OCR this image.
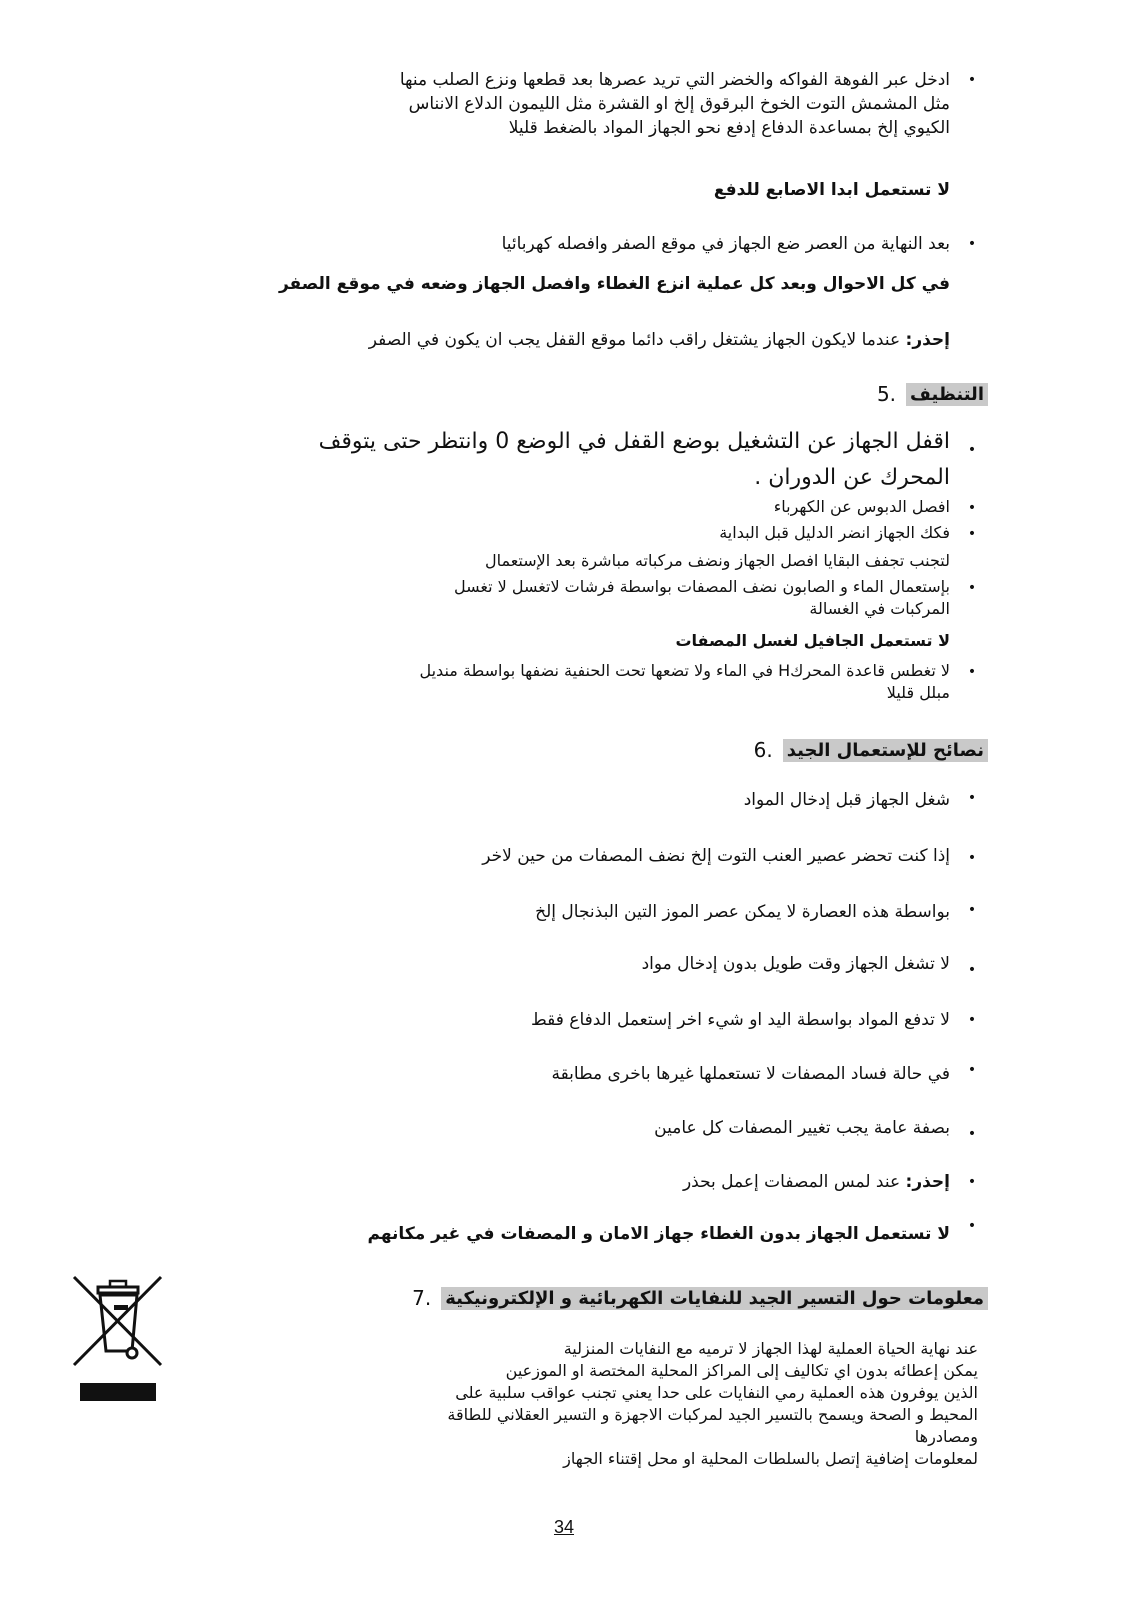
•
ادخل عبر الفوهة الفواكه والخضر التي تريد عصرها بعد قطعها ونزع الصلب منها
مثل المشمش التوت الخوخ البرقوق إلخ او القشرة مثل الليمون الدلاع الانناس
الكيوي إلخ بمساعدة الدفاع إدفع نحو الجهاز المواد بالضغط قليلا
لا تستعمل ابدا الاصابع للدفع
•
بعد النهاية من العصر ضع الجهاز في موقع الصفر وافصله كهربائيا
في كل الاحوال وبعد كل عملية انزع الغطاء وافصل الجهاز وضعه في موقع الصفر
إحذر: عندما لايكون الجهاز يشتغل راقب دائما موقع القفل يجب ان يكون في الصفر
التنظيف
5.
•
اقفل الجهاز عن التشغيل بوضع القفل في الوضع 0 وانتظر حتى يتوقف
المحرك عن الدوران .
•
افصل الدبوس عن الكهرباء
•
فكك الجهاز انضر الدليل قبل البداية
لتجنب تجفف البقايا افصل الجهاز ونضف مركباته مباشرة بعد الإستعمال
•
بإستعمال الماء و الصابون نضف المصفات بواسطة فرشات لاتغسل لا تغسل
المركبات في الغسالة
لا تستعمل الجافيل لغسل المصفات
•
لا تغطس قاعدة المحركH في الماء ولا تضعها تحت الحنفية نضفها بواسطة منديل
مبلل قليلا
نصائح للإستعمال الجيد
6.
•
شغل الجهاز قبل إدخال المواد
•
إذا كنت تحضر عصير العنب التوت إلخ نضف المصفات من حين لاخر
•
بواسطة هذه العصارة لا يمكن عصر الموز التين البذنجال إلخ
•
لا تشغل الجهاز وقت طويل بدون إدخال مواد
•
لا تدفع المواد بواسطة اليد او شيء اخر إستعمل الدفاع فقط
•
في حالة فساد المصفات لا تستعملها غيرها باخرى مطابقة
•
بصفة عامة يجب تغيير المصفات كل عامين
•
إحذر: عند لمس المصفات إعمل بحذر
•
لا تستعمل الجهاز بدون الغطاء جهاز الامان و المصفات في غير مكانهم
معلومات حول التسير الجيد للنفايات الكهربائية و الإلكترونيكية
7.
عند نهاية الحياة العملية لهذا الجهاز لا ترميه مع النفايات المنزلية
يمكن إعطائه بدون اي تكاليف إلى المراكز المحلية المختصة او الموزعين
الذين يوفرون هذه العملية رمي النفايات على حدا يعني تجنب عواقب سلبية على
المحيط و الصحة ويسمح بالتسير الجيد لمركبات الاجهزة و التسير العقلاني للطاقة
ومصادرها
لمعلومات إضافية إتصل بالسلطات المحلية او محل إقتناء الجهاز
34
